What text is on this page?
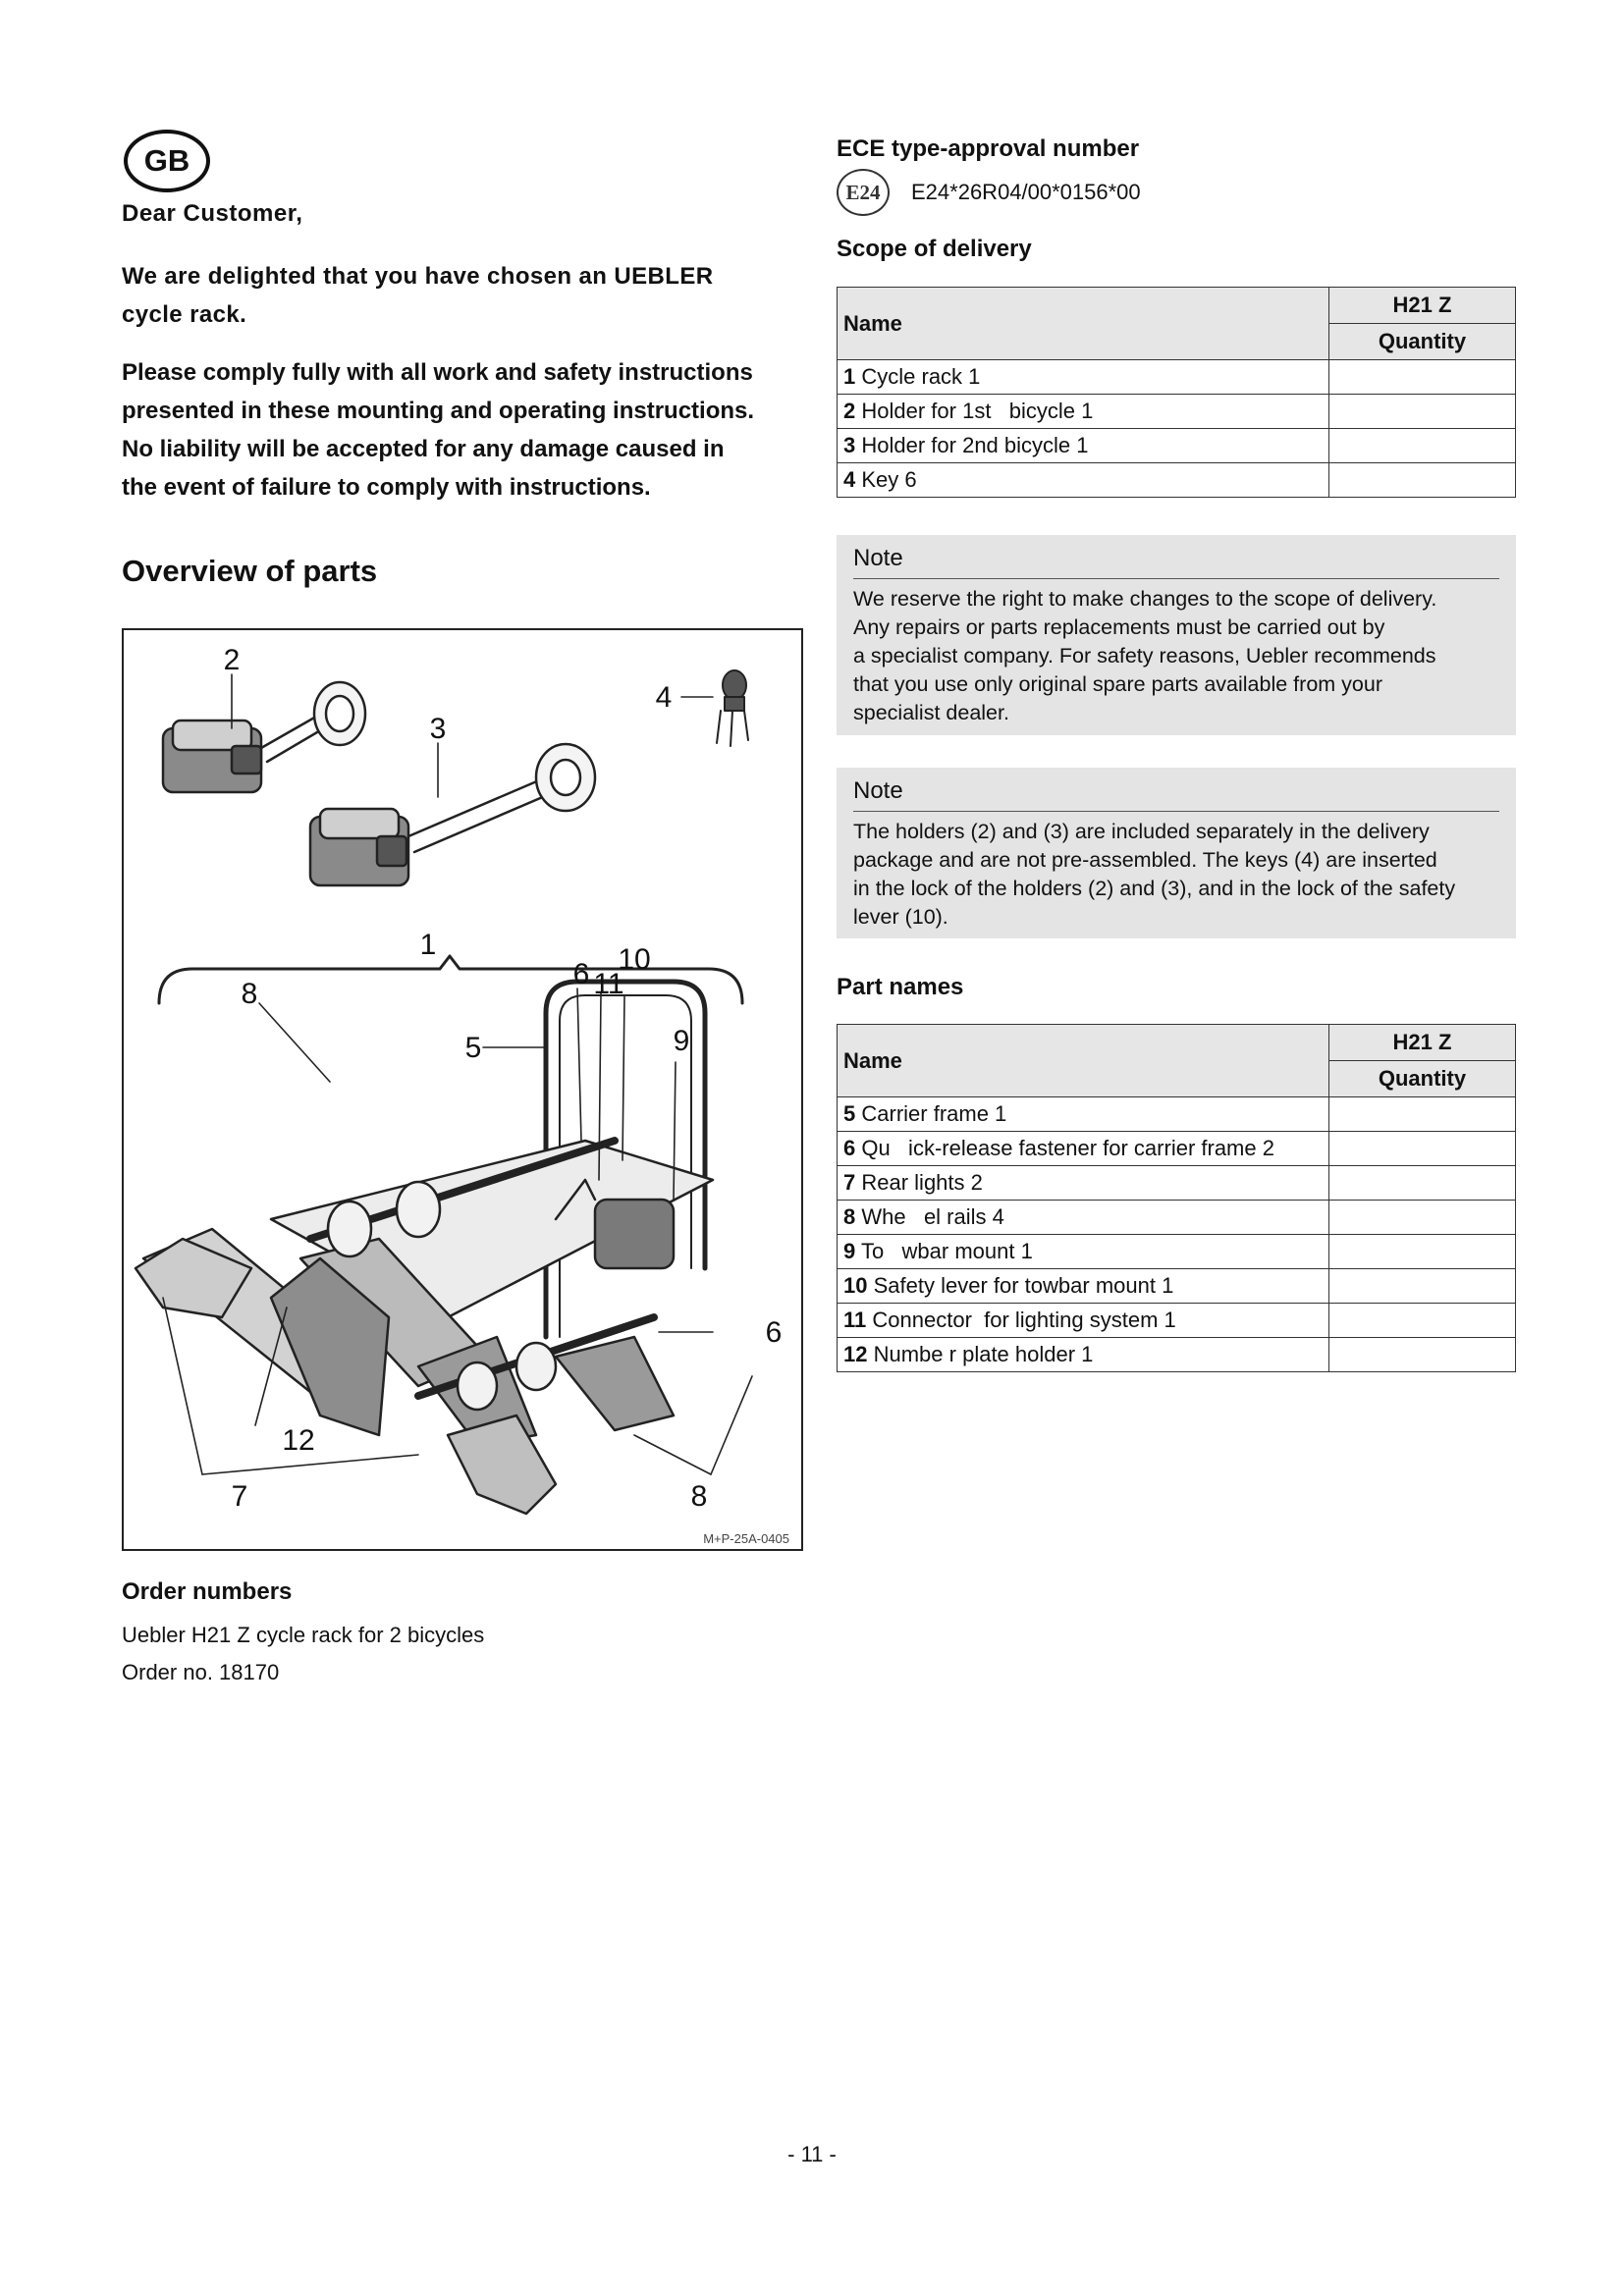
GB
Dear Customer,
We are delighted that you have chosen an UEBLER
cycle rack.
Please comply fully with all work and safety instructions
presented in these mounting and operating instructions.
No liability will be accepted for any damage caused in
the event of failure to comply with instructions.
Overview of parts
2
3
4
1
5
6 10
11
9
8
6
12
7	8
M+P-25A-0405
Order numbers
Uebler H21 Z cycle rack for 2 bicycles
Order no. 18170
ECE type-approval number
E24 E24*26R04/00*0156*00
Scope of delivery
Name	H21 Z
	Quantity
1 Cycle rack 1	
2 Holder for 1st   bicycle 1	
3 Holder for 2nd bicycle 1	
4 Key 6	
Note
We reserve the right to make changes to the scope of delivery.
Any repairs or parts replacements must be carried out by
a specialist company. For safety reasons, Uebler recommends
that you use only original spare parts available from your
specialist dealer.
Note
The holders (2) and (3) are included separately in the delivery
package and are not pre-assembled. The keys (4) are inserted
in the lock of the holders (2) and (3), and in the lock of the safety
lever (10).
Part names
Name	H21 Z
	Quantity
5 Carrier frame 1	
6 Qu   ick-release fastener for carrier frame 2	
7 Rear lights 2	
8 Whe   el rails 4	
9 To   wbar mount 1	
10 Safety lever for towbar mount 1	
11 Connector  for lighting system 1	
12 Numbe r plate holder 1	
- 11 -
